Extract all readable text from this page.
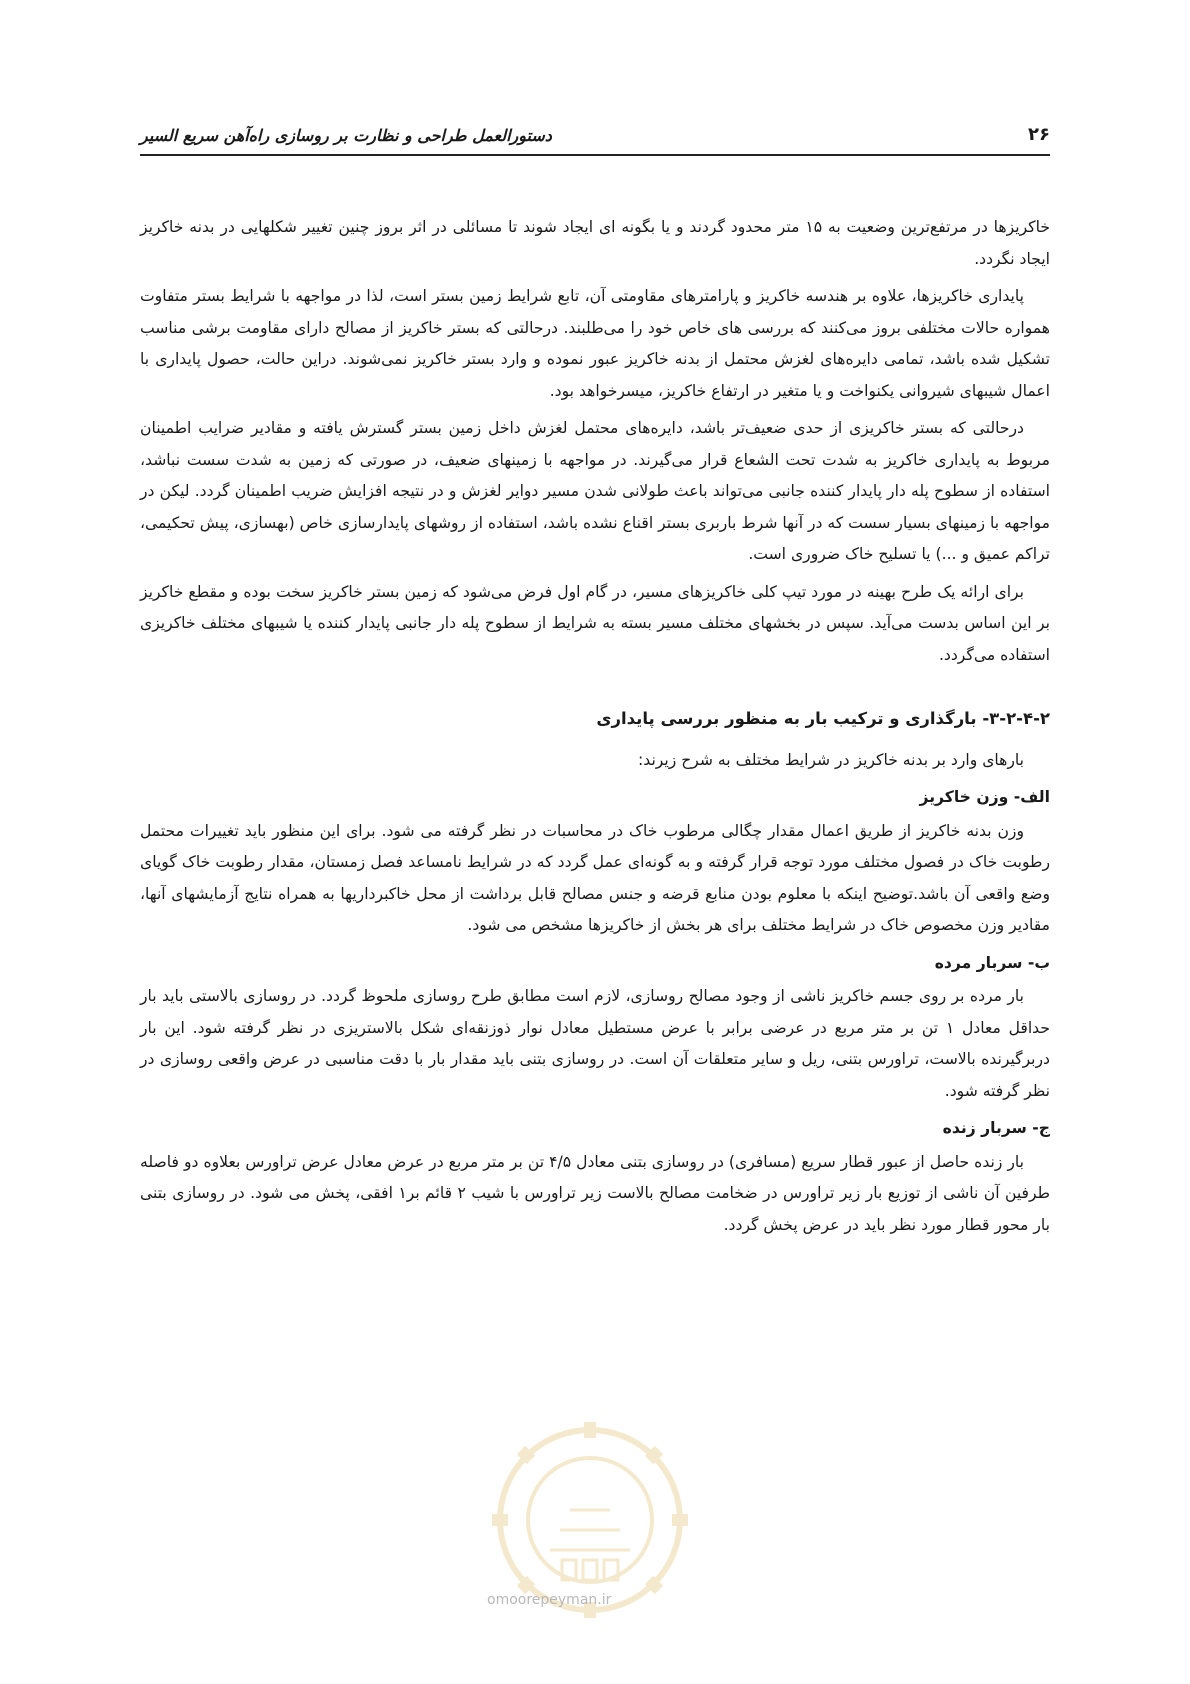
۲۶
دستورالعمل طراحی و نظارت بر روسازی راه‌آهن سریع السیر

خاکریزها در مرتفع‌ترین وضعیت به ۱۵ متر محدود گردند و یا بگونه ای ایجاد شوند تا مسائلی در اثر بروز چنین تغییر شکلهایی در بدنه خاکریز ایجاد نگردد.

پایداری خاکریزها، علاوه بر هندسه خاکریز و پارامترهای مقاومتی آن، تابع شرایط زمین بستر است، لذا در مواجهه با شرایط بستر متفاوت همواره حالات مختلفی بروز می‌کنند که بررسی های خاص خود را می‌طلبند. درحالتی که بستر خاکریز از مصالح دارای مقاومت برشی مناسب تشکیل شده باشد، تمامی دایره‌های لغزش محتمل از بدنه خاکریز عبور نموده و وارد بستر خاکریز نمی‌شوند. دراین حالت، حصول پایداری با اعمال شیبهای شیروانی یکنواخت و یا متغیر در ارتفاع خاکریز، میسرخواهد بود.

درحالتی که بستر خاکریزی از حدی ضعیف‌تر باشد، دایره‌های محتمل لغزش داخل زمین بستر گسترش یافته و مقادیر ضرایب اطمینان مربوط به پایداری خاکریز به شدت تحت الشعاع قرار می‌گیرند. در مواجهه با زمینهای ضعیف، در صورتی که زمین به شدت سست نباشد، استفاده از سطوح پله دار پایدار کننده جانبی می‌تواند باعث طولانی شدن مسیر دوایر لغزش و در نتیجه افزایش ضریب اطمینان گردد. لیکن در مواجهه با زمینهای بسیار سست که در آنها شرط باربری بستر اقناع نشده باشد، استفاده از روشهای پایدارسازی خاص (بهسازی، پیش تحکیمی، تراکم عمیق و ...) یا تسلیح خاک ضروری است.

برای ارائه یک طرح بهینه در مورد تیپ کلی خاکریزهای مسیر، در گام اول فرض می‌شود که زمین بستر خاکریز سخت بوده و مقطع خاکریز بر این اساس بدست می‌آید. سپس در بخشهای مختلف مسیر بسته به شرایط از سطوح پله دار جانبی پایدار کننده یا شیبهای مختلف خاکریزی استفاده می‌گردد.

۳-۲-۴-۲- بارگذاری و ترکیب بار به منظور بررسی پایداری

بارهای وارد بر بدنه خاکریز در شرایط مختلف به شرح زیرند:

الف- وزن خاکریز

وزن بدنه خاکریز از طریق اعمال مقدار چگالی مرطوب خاک در محاسبات در نظر گرفته می شود. برای این منظور باید تغییرات محتمل رطوبت خاک در فصول مختلف مورد توجه قرار گرفته و به گونه‌ای عمل گردد که در شرایط نامساعد فصل زمستان، مقدار رطوبت خاک گویای وضع واقعی آن باشد.توضیح اینکه با معلوم بودن منابع قرضه و جنس مصالح قابل برداشت از محل خاکبرداریها به همراه نتایج آزمایشهای آنها، مقادیر وزن مخصوص خاک در شرایط مختلف برای هر بخش از خاکریزها مشخص می شود.

ب- سربار مرده

بار مرده بر روی جسم خاکریز ناشی از وجود مصالح روسازی، لازم است مطابق طرح روسازی ملحوظ گردد. در روسازی بالاستی باید بار حداقل معادل ۱ تن بر متر مربع در عرضی برابر با عرض مستطیل معادل نوار ذوزنقه‌ای شکل بالاستریزی در نظر گرفته شود. این بار دربرگیرنده بالاست، تراورس بتنی، ریل و سایر متعلقات آن است. در روسازی بتنی باید مقدار بار با دقت مناسبی در عرض واقعی روسازی در نظر گرفته شود.

ج- سربار زنده

بار زنده حاصل از عبور قطار سریع (مسافری) در روسازی بتنی معادل ۴/۵ تن بر متر مربع در عرض معادل عرض تراورس بعلاوه دو فاصله طرفین آن ناشی از توزیع بار زیر تراورس در ضخامت مصالح بالاست زیر تراورس با شیب ۲ قائم بر۱ افقی، پخش می شود. در روسازی بتنی بار محور قطار مورد نظر باید در عرض پخش گردد.

omoorepeyman.ir
